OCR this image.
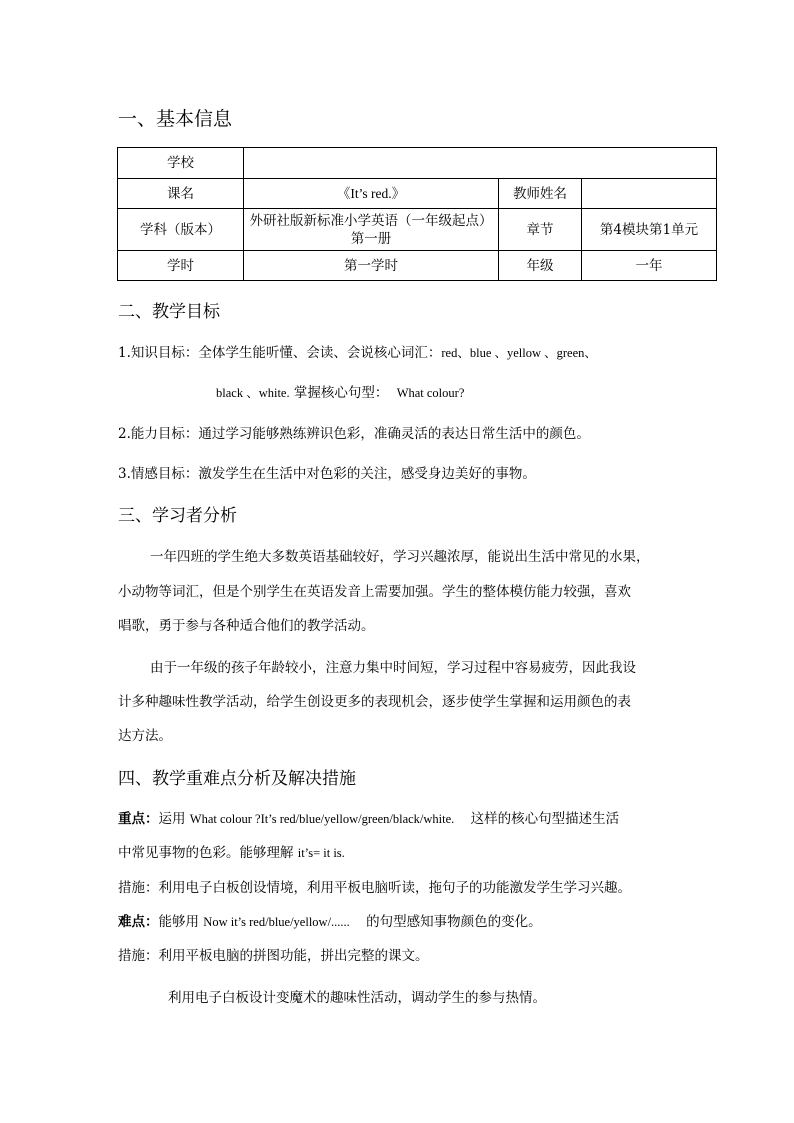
一、基本信息
学校			
课名	《It’s red.》	教师姓名	
学科（版本）	外研社版新标准小学英语（一年级起点）第一册	章节	第4模块第1单元
学时	第一学时	年级	一年
二、教学目标
1.知识目标：全体学生能听懂、会读、会说核心词汇：red、blue 、yellow 、green、
black 、white. 掌握核心句型： What colour?
2.能力目标：通过学习能够熟练辨识色彩，准确灵活的表达日常生活中的颜色。
3.情感目标：激发学生在生活中对色彩的关注，感受身边美好的事物。
三、学习者分析
一年四班的学生绝大多数英语基础较好，学习兴趣浓厚，能说出生活中常见的水果，
小动物等词汇，但是个别学生在英语发音上需要加强。学生的整体模仿能力较强，喜欢
唱歌，勇于参与各种适合他们的教学活动。
由于一年级的孩子年龄较小，注意力集中时间短，学习过程中容易疲劳，因此我设
计多种趣味性教学活动，给学生创设更多的表现机会，逐步使学生掌握和运用颜色的表
达方法。
四、教学重难点分析及解决措施
重点：运用 What colour ?It’s red/blue/yellow/green/black/white. 这样的核心句型描述生活
中常见事物的色彩。能够理解 it’s= it is.
措施：利用电子白板创设情境，利用平板电脑听读，拖句子的功能激发学生学习兴趣。
难点：能够用 Now it’s red/blue/yellow/...... 的句型感知事物颜色的变化。
措施：利用平板电脑的拼图功能，拼出完整的课文。
利用电子白板设计变魔术的趣味性活动，调动学生的参与热情。
